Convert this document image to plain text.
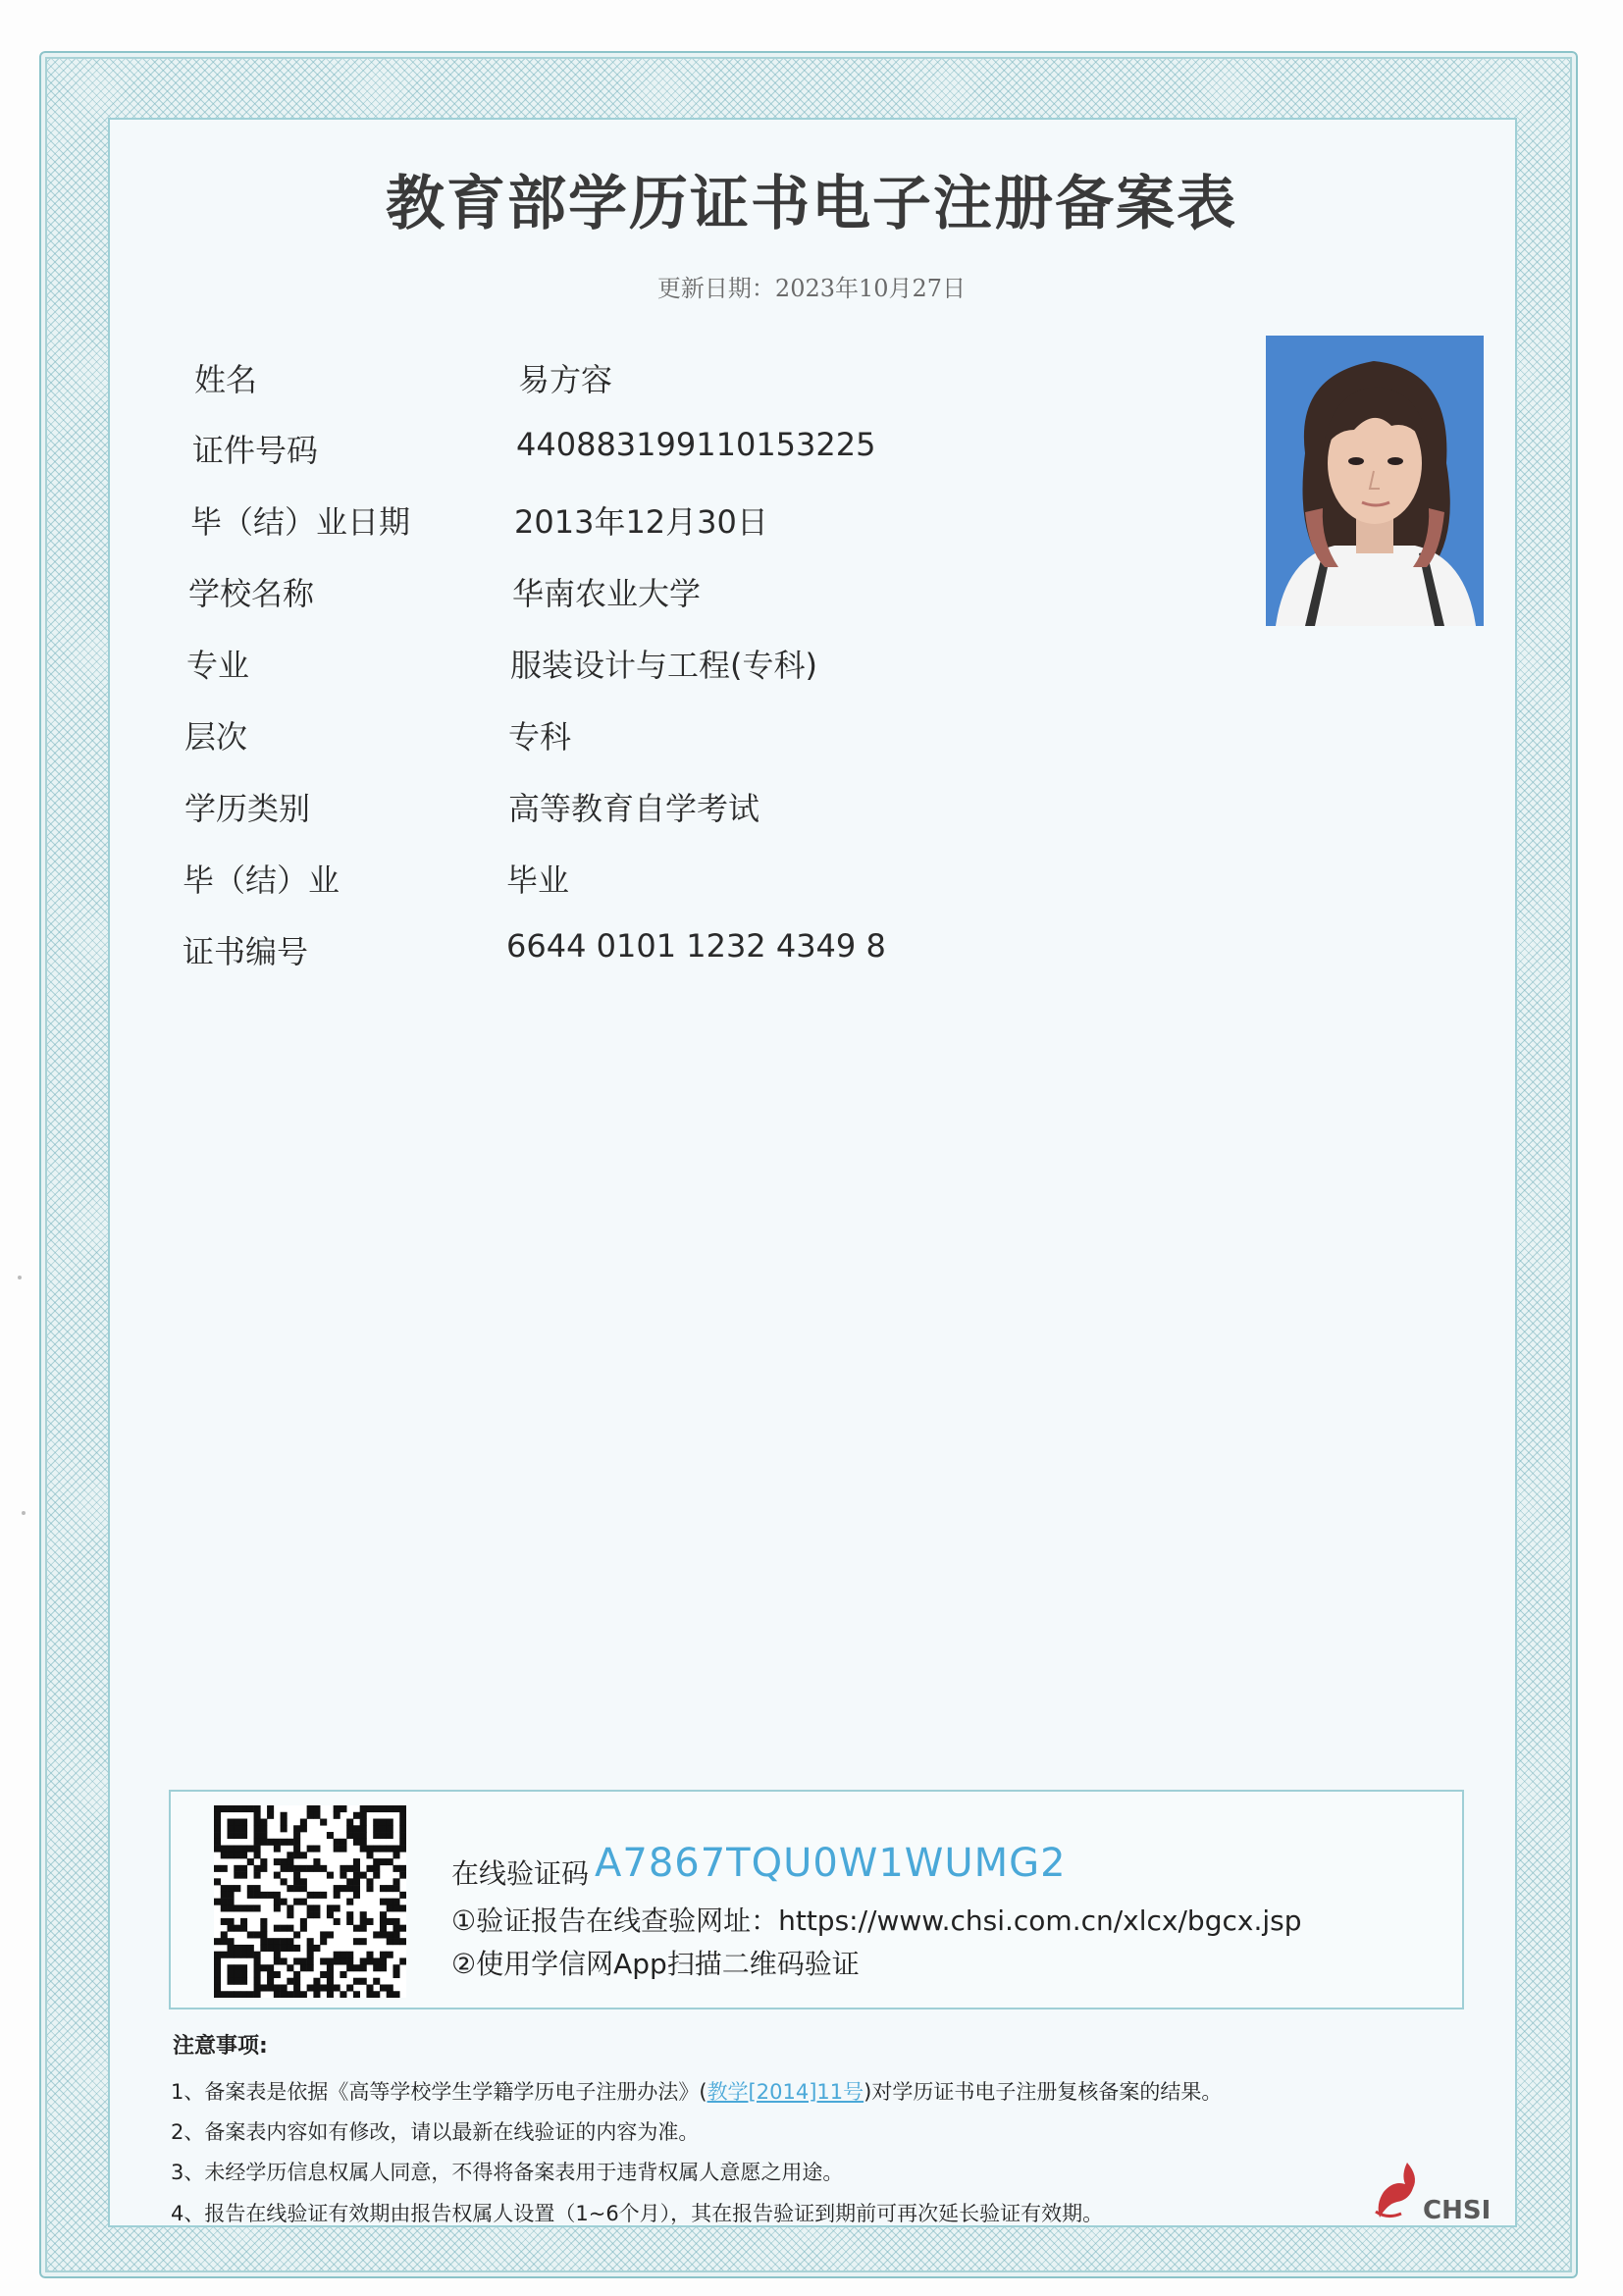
教育部学历证书电子注册备案表
更新日期：2023年10月27日
姓名	易方容
证件号码	440883199110153225
毕（结）业日期	2013年12月30日
学校名称	华南农业大学
专业	服装设计与工程(专科)
层次	专科
学历类别	高等教育自学考试
毕（结）业	毕业
证书编号	6644 0101 1232 4349 8
在线验证码 A7867TQU0W1WUMG2
①验证报告在线查验网址：https://www.chsi.com.cn/xlcx/bgcx.jsp
②使用学信网App扫描二维码验证
注意事项:
1、备案表是依据《高等学校学生学籍学历电子注册办法》(教学[2014]11号)对学历证书电子注册复核备案的结果。
2、备案表内容如有修改，请以最新在线验证的内容为准。
3、未经学历信息权属人同意，不得将备案表用于违背权属人意愿之用途。
4、报告在线验证有效期由报告权属人设置（1~6个月），其在报告验证到期前可再次延长验证有效期。	CHSI
